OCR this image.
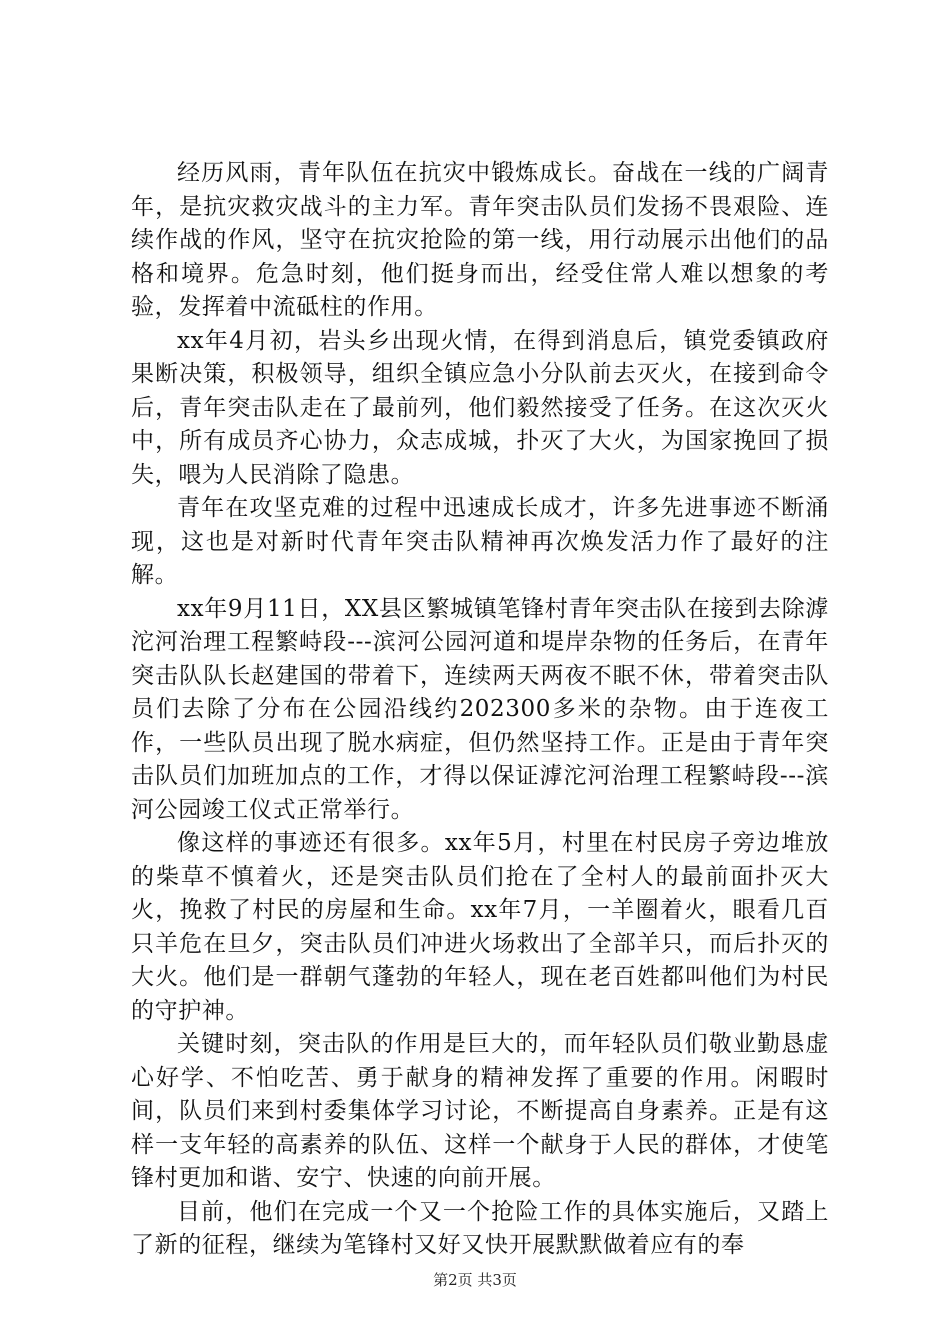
经历风雨，青年队伍在抗灾中锻炼成长。奋战在一线的广阔青年，是抗灾救灾战斗的主力军。青年突击队员们发扬不畏艰险、连续作战的作风，坚守在抗灾抢险的第一线，用行动展示出他们的品格和境界。危急时刻，他们挺身而出，经受住常人难以想象的考验，发挥着中流砥柱的作用。

xx年4月初，岩头乡出现火情，在得到消息后，镇党委镇政府果断决策，积极领导，组织全镇应急小分队前去灭火，在接到命令后，青年突击队走在了最前列，他们毅然接受了任务。在这次灭火中，所有成员齐心协力，众志成城，扑灭了大火，为国家挽回了损失，喂为人民消除了隐患。

青年在攻坚克难的过程中迅速成长成才，许多先进事迹不断涌现，这也是对新时代青年突击队精神再次焕发活力作了最好的注解。

xx年9月11日，XX县区繁城镇笔锋村青年突击队在接到去除滹沱河治理工程繁峙段---滨河公园河道和堤岸杂物的任务后，在青年突击队队长赵建国的带着下，连续两天两夜不眠不休，带着突击队员们去除了分布在公园沿线约202300多米的杂物。由于连夜工作，一些队员出现了脱水病症，但仍然坚持工作。正是由于青年突击队员们加班加点的工作，才得以保证滹沱河治理工程繁峙段---滨河公园竣工仪式正常举行。

像这样的事迹还有很多。xx年5月，村里在村民房子旁边堆放的柴草不慎着火，还是突击队员们抢在了全村人的最前面扑灭大火，挽救了村民的房屋和生命。xx年7月，一羊圈着火，眼看几百只羊危在旦夕，突击队员们冲进火场救出了全部羊只，而后扑灭的大火。他们是一群朝气蓬勃的年轻人，现在老百姓都叫他们为村民的守护神。

关键时刻，突击队的作用是巨大的，而年轻队员们敬业勤恳虚心好学、不怕吃苦、勇于献身的精神发挥了重要的作用。闲暇时间，队员们来到村委集体学习讨论，不断提高自身素养。正是有这样一支年轻的高素养的队伍、这样一个献身于人民的群体，才使笔锋村更加和谐、安宁、快速的向前开展。

目前，他们在完成一个又一个抢险工作的具体实施后，又踏上了新的征程，继续为笔锋村又好又快开展默默做着应有的奉

第2页 共3页
